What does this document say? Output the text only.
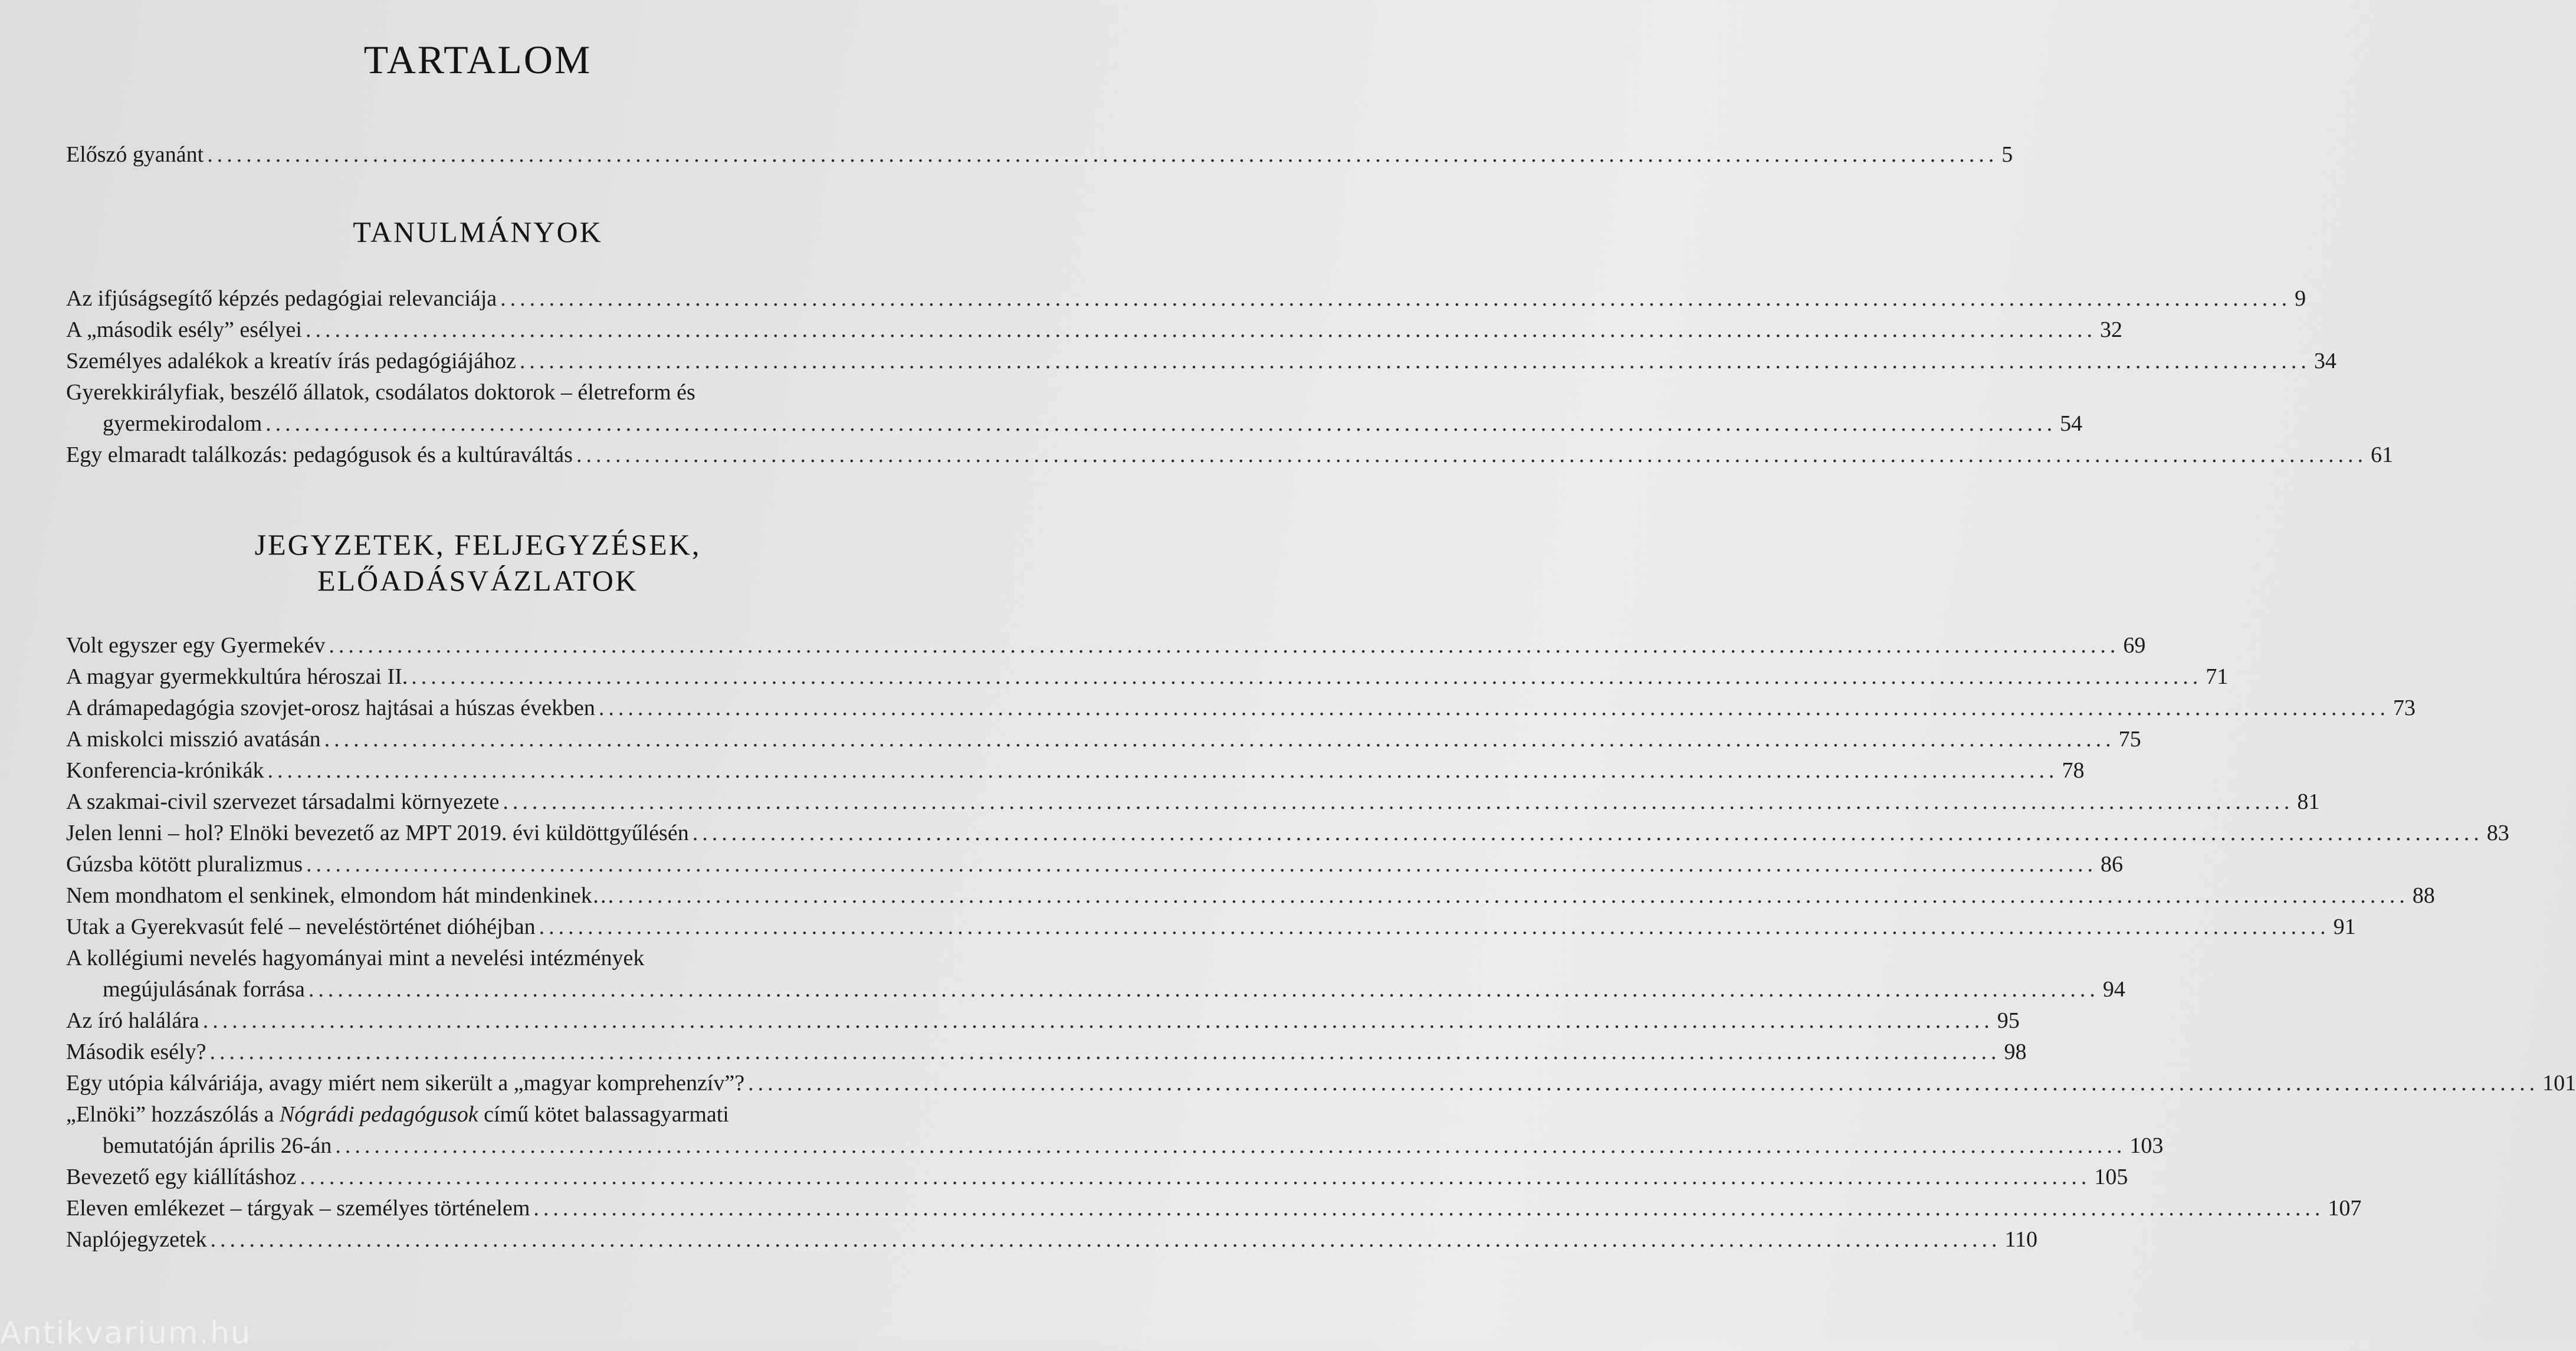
TARTALOM
Előszó gyanánt ........................................................................................................................................................................................ 5
TANULMÁNYOK
Az ifjúságsegítő képzés pedagógiai relevanciája ........................................................................................................................................................................................ 9
A „második esély” esélyei ........................................................................................................................................................................................ 32
Személyes adalékok a kreatív írás pedagógiájához ........................................................................................................................................................................................ 34
Gyerekkirályfiak, beszélő állatok, csodálatos doktorok – életreform és
gyermekirodalom ........................................................................................................................................................................................ 54
Egy elmaradt találkozás: pedagógusok és a kultúraváltás ........................................................................................................................................................................................ 61
JEGYZETEK, FELJEGYZÉSEK,
ELŐADÁSVÁZLATOK
Volt egyszer egy Gyermekév ........................................................................................................................................................................................ 69
A magyar gyermekkultúra héroszai II. ........................................................................................................................................................................................ 71
A drámapedagógia szovjet-orosz hajtásai a húszas években ........................................................................................................................................................................................ 73
A miskolci misszió avatásán ........................................................................................................................................................................................ 75
Konferencia-krónikák ........................................................................................................................................................................................ 78
A szakmai-civil szervezet társadalmi környezete ........................................................................................................................................................................................ 81
Jelen lenni – hol? Elnöki bevezető az MPT 2019. évi küldöttgyűlésén ........................................................................................................................................................................................ 83
Gúzsba kötött pluralizmus ........................................................................................................................................................................................ 86
Nem mondhatom el senkinek, elmondom hát mindenkinek… ........................................................................................................................................................................................ 88
Utak a Gyerekvasút felé – neveléstörténet dióhéjban ........................................................................................................................................................................................ 91
A kollégiumi nevelés hagyományai mint a nevelési intézmények
megújulásának forrása ........................................................................................................................................................................................ 94
Az író halálára ........................................................................................................................................................................................ 95
Második esély? ........................................................................................................................................................................................ 98
Egy utópia kálváriája, avagy miért nem sikerült a „magyar komprehenzív”? ........................................................................................................................................................................................ 101
„Elnöki” hozzászólás a Nógrádi pedagógusok című kötet balassagyarmati
bemutatóján április 26-án ........................................................................................................................................................................................ 103
Bevezető egy kiállításhoz ........................................................................................................................................................................................ 105
Eleven emlékezet – tárgyak – személyes történelem ........................................................................................................................................................................................ 107
Naplójegyzetek ........................................................................................................................................................................................ 110
Antikvarium.hu
